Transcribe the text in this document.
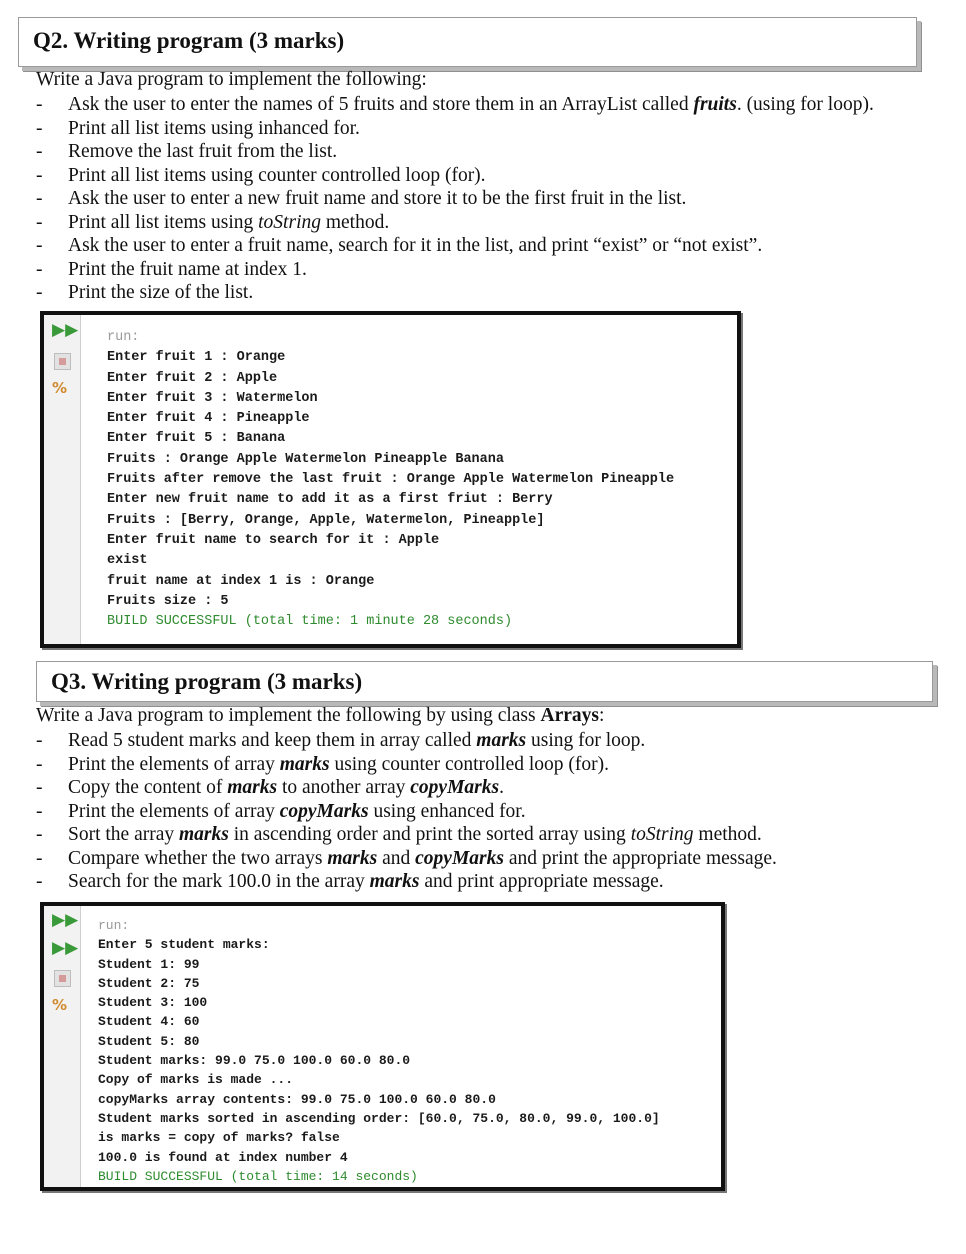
Q2. Writing program (3 marks)
Write a Java program to implement the following:
- Ask the user to enter the names of 5 fruits and store them in an ArrayList called fruits. (using for loop).
- Print all list items using inhanced for.
- Remove the last fruit from the list.
- Print all list items using counter controlled loop (for).
- Ask the user to enter a new fruit name and store it to be the first fruit in the list.
- Print all list items using toString method.
- Ask the user to enter a fruit name, search for it in the list, and print “exist” or “not exist”.
- Print the fruit name at index 1.
- Print the size of the list.
▶▶
%
run:
Enter fruit 1 : Orange
Enter fruit 2 : Apple
Enter fruit 3 : Watermelon
Enter fruit 4 : Pineapple
Enter fruit 5 : Banana
Fruits : Orange Apple Watermelon Pineapple Banana
Fruits after remove the last fruit : Orange Apple Watermelon Pineapple
Enter new fruit name to add it as a first friut : Berry
Fruits : [Berry, Orange, Apple, Watermelon, Pineapple]
Enter fruit name to search for it : Apple
exist
fruit name at index 1 is : Orange
Fruits size : 5
BUILD SUCCESSFUL (total time: 1 minute 28 seconds)
Q3. Writing program (3 marks)
Write a Java program to implement the following by using class Arrays:
- Read 5 student marks and keep them in array called marks using for loop.
- Print the elements of array marks using counter controlled loop (for).
- Copy the content of marks to another array copyMarks.
- Print the elements of array copyMarks using enhanced for.
- Sort the array marks in ascending order and print the sorted array using toString method.
- Compare whether the two arrays marks and copyMarks and print the appropriate message.
- Search for the mark 100.0 in the array marks and print appropriate message.
▶▶
▶▶
%
run:
Enter 5 student marks:
Student 1: 99
Student 2: 75
Student 3: 100
Student 4: 60
Student 5: 80
Student marks: 99.0 75.0 100.0 60.0 80.0
Copy of marks is made ...
copyMarks array contents: 99.0 75.0 100.0 60.0 80.0
Student marks sorted in ascending order: [60.0, 75.0, 80.0, 99.0, 100.0]
is marks = copy of marks? false
100.0 is found at index number 4
BUILD SUCCESSFUL (total time: 14 seconds)
